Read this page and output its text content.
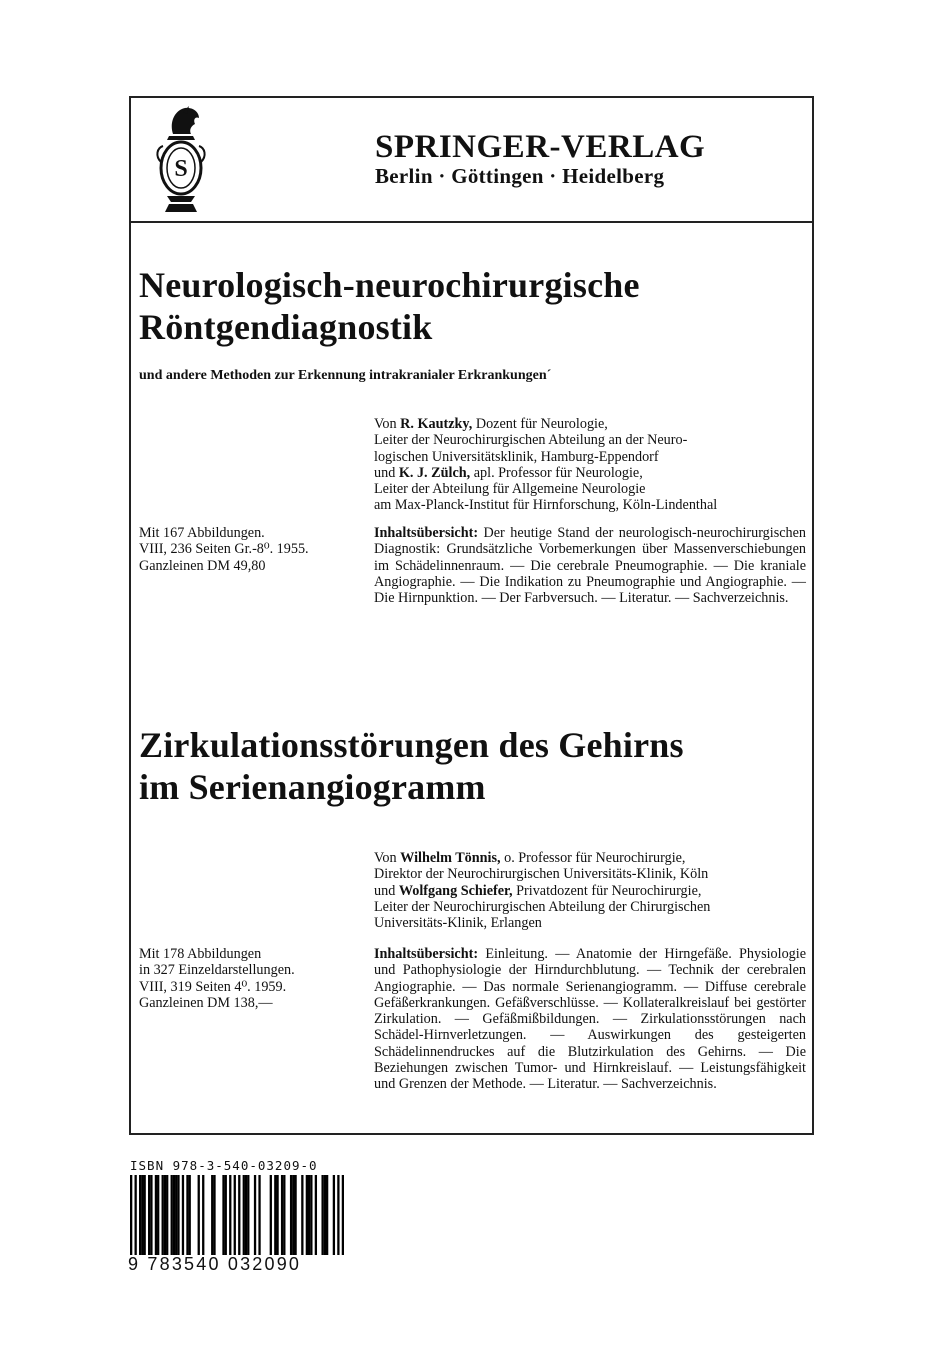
S
SPRINGER-VERLAG
Berlin · Göttingen · Heidelberg
Neurologisch-neurochirurgische
Röntgendiagnostik
und andere Methoden zur Erkennung intrakranialer Erkrankungen´

Von R. Kautzky, Dozent für Neurologie,

Leiter der Neurochirurgischen Abteilung an der Neuro-

logischen Universitätsklinik, Hamburg-Eppendorf

und K. J. Zülch, apl. Professor für Neurologie,

Leiter der Abteilung für Allgemeine Neurologie

am Max-Planck-Institut für Hirnforschung, Köln-Lindenthal

Mit 167 Abbildungen.

VIII, 236 Seiten Gr.-8⁰. 1955.

Ganzleinen DM 49,80

Inhaltsübersicht: Der heutige Stand der neurologisch-neurochirurgischen Diagnostik: Grundsätzliche Vorbemerkungen über Massenverschiebungen im Schädelinnenraum. — Die cerebrale Pneumographie. — Die kraniale Angiographie. — Die Indikation zu Pneumographie und Angiographie. — Die Hirnpunktion. — Der Farbversuch. — Literatur. — Sachverzeichnis.
Zirkulationsstörungen des Gehirns
im Serienangiogramm

Von Wilhelm Tönnis, o. Professor für Neurochirurgie,

Direktor der Neurochirurgischen Universitäts-Klinik, Köln

und Wolfgang Schiefer, Privatdozent für Neurochirurgie,

Leiter der Neurochirurgischen Abteilung der Chirurgischen

Universitäts-Klinik, Erlangen

Mit 178 Abbildungen

in 327 Einzeldarstellungen.

VIII, 319 Seiten 4⁰. 1959.

Ganzleinen DM 138,—

Inhaltsübersicht: Einleitung. — Anatomie der Hirngefäße. Physiologie und Pathophysiologie der Hirndurchblutung. — Technik der cerebralen Angiographie. — Das normale Serienangiogramm. — Diffuse cerebrale Gefäßerkrankungen. Gefäßverschlüsse. — Kollateralkreislauf bei gestörter Zirkulation. — Gefäßmißbildungen. — Zirkulationsstörungen nach Schädel-Hirnverletzungen. — Auswirkungen des gesteigerten Schädelinnendruckes auf die Blutzirkulation des Gehirns. — Die Beziehungen zwischen Tumor- und Hirnkreislauf. — Leistungsfähigkeit und Grenzen der Methode. — Literatur. — Sachverzeichnis.
ISBN 978-3-540-03209-0
9 783540 032090
